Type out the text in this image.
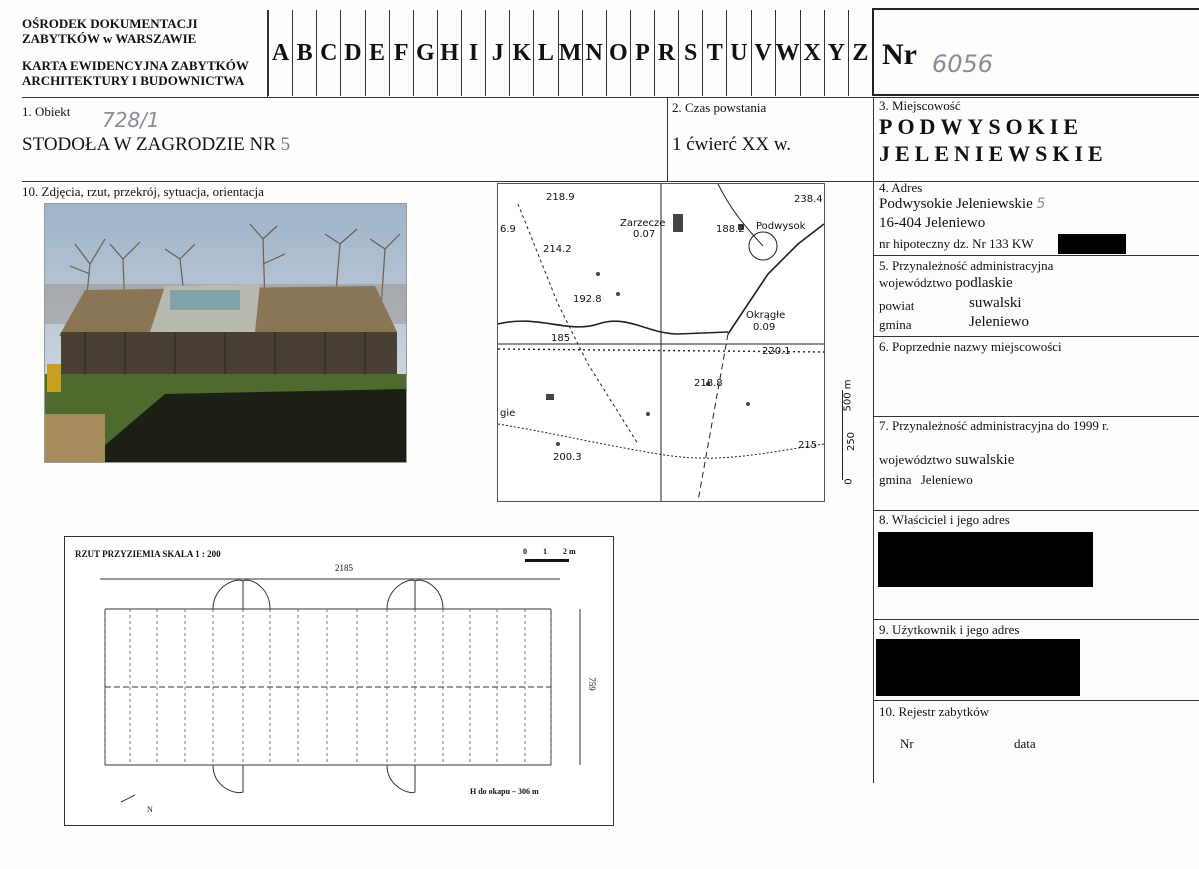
OŚRODEK DOKUMENTACJI
ZABYTKÓW w WARSZAWIE
KARTA EWIDENCYJNA ZABYTKÓW
ARCHITEKTURY I BUDOWNICTWA
A B C D E F G H I J K L M N O P R S T U V W X Y Z Nr 6056
1. Obiekt 728/1
STODOŁA W ZAGRODZIE NR 5
2. Czas powstania
1 ćwierć XX w.
3. Miejscowość
PODWYSOKIE
JELENIEWSKIE
10. Zdjęcia, rzut, przekrój, sytuacja, orientacja	218.9	238.4
6.9
Zarzecze
0.07	188.2 Podwysok
214.2
192.8
Okrągłe
0.09
185
220.1
218.8
gie
200.3
215
0
250
500 m
4. Adres
Podwysokie Jeleniewskie 5
16-404 Jeleniewo
nr hipoteczny dz. Nr 133 KW
5. Przynależność administracyjna
województwo podlaskie
powiat	suwalski
gmina	Jeleniewo
6. Poprzednie nazwy miejscowości
7. Przynależność administracyjna do 1999 r.
województwo suwalskie
gmina Jeleniewo
8. Właściciel i jego adres
9. Użytkownik i jego adres
10. Rejestr zabytków
Nr	data
RZUT PRZYZIEMIA SKALA 1 : 200	0 1 2 m
2185
759
H do okapu – 306 m
N
